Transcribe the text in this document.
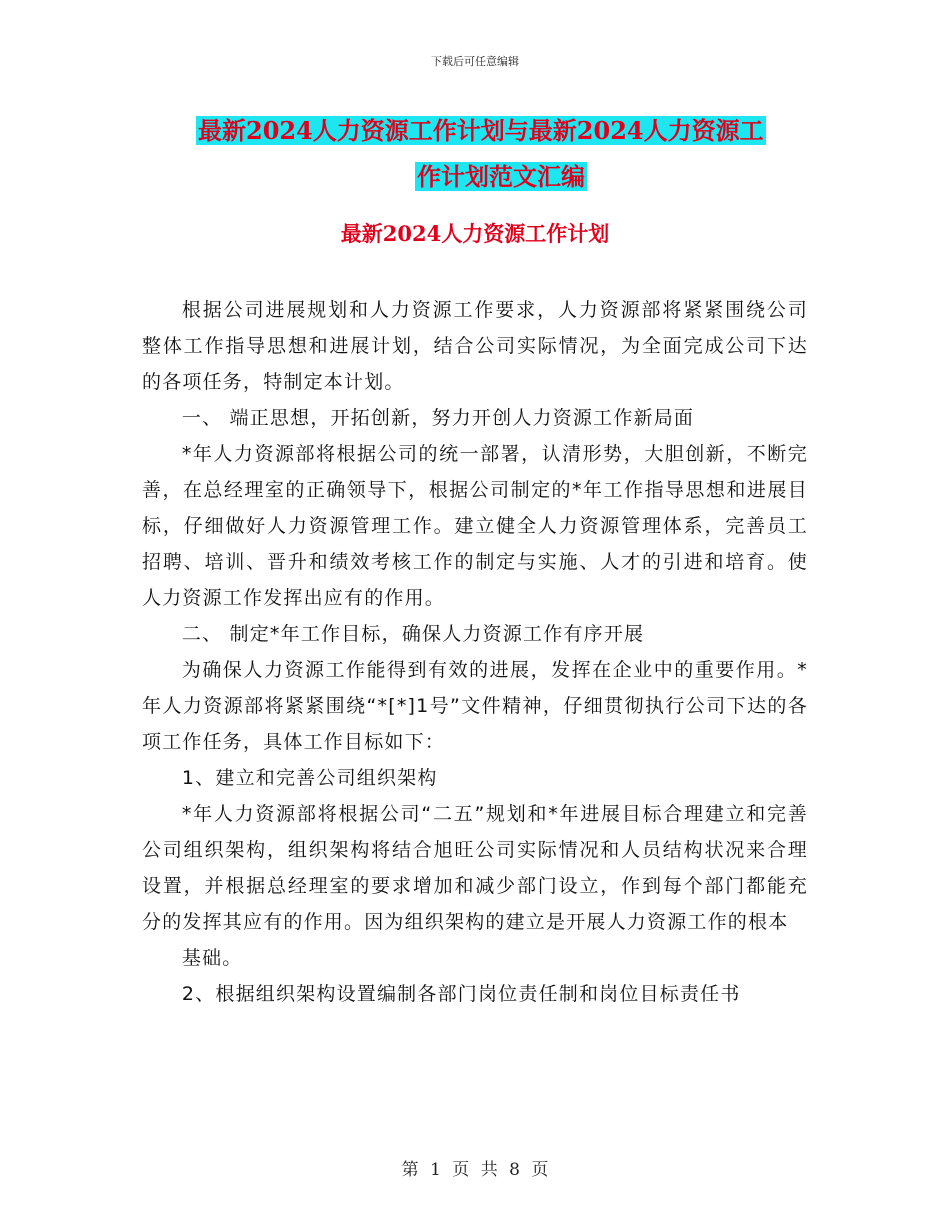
下载后可任意编辑
最新2024人力资源工作计划与最新2024人力资源工
作计划范文汇编
最新2024人力资源工作计划

根据公司进展规划和人力资源工作要求，人力资源部将紧紧围绕公司整体工作指导思想和进展计划，结合公司实际情况，为全面完成公司下达的各项任务，特制定本计划。

一、 端正思想，开拓创新，努力开创人力资源工作新局面

*年人力资源部将根据公司的统一部署，认清形势，大胆创新，不断完善，在总经理室的正确领导下，根据公司制定的*年工作指导思想和进展目标，仔细做好人力资源管理工作。建立健全人力资源管理体系，完善员工招聘、培训、晋升和绩效考核工作的制定与实施、人才的引进和培育。使人力资源工作发挥出应有的作用。

二、 制定*年工作目标，确保人力资源工作有序开展

为确保人力资源工作能得到有效的进展，发挥在企业中的重要作用。*年人力资源部将紧紧围绕“*[*]1号”文件精神，仔细贯彻执行公司下达的各项工作任务，具体工作目标如下：

1、建立和完善公司组织架构

*年人力资源部将根据公司“二五”规划和*年进展目标合理建立和完善公司组织架构，组织架构将结合旭旺公司实际情况和人员结构状况来合理设置，并根据总经理室的要求增加和减少部门设立，作到每个部门都能充分的发挥其应有的作用。因为组织架构的建立是开展人力资源工作的根本

基础。

2、根据组织架构设置编制各部门岗位责任制和岗位目标责任书

第 1 页 共 8 页
